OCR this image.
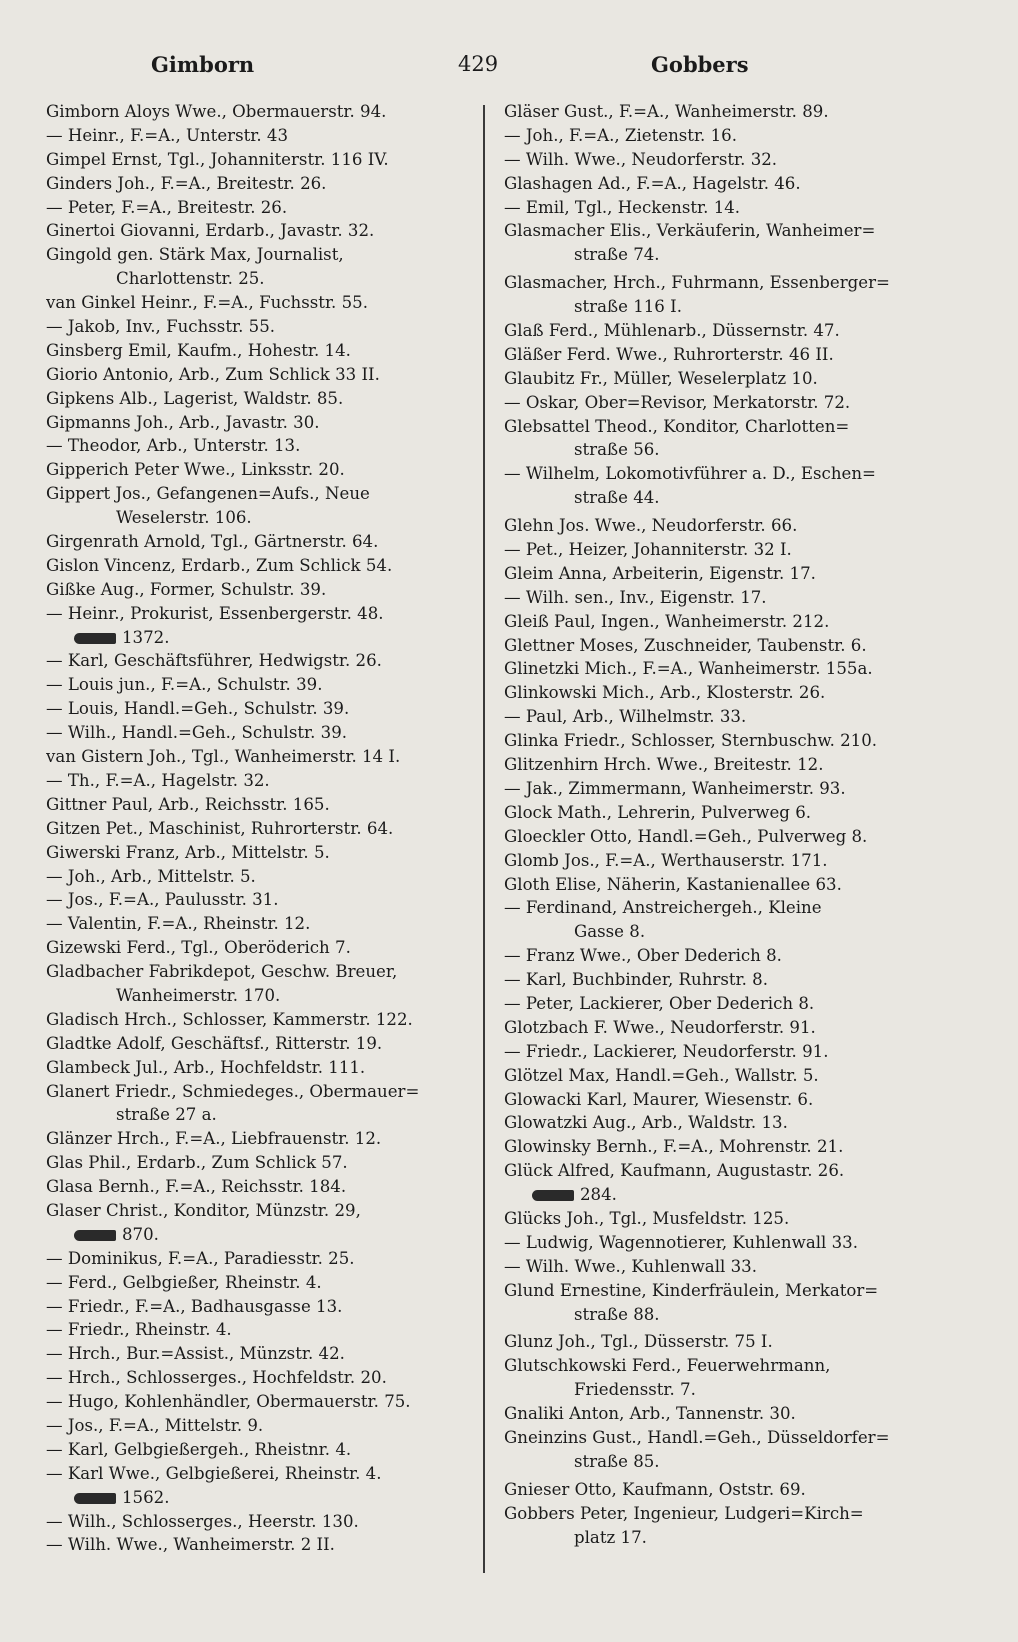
Gimborn	429	Gobbers
Gimborn Aloys Wwe., Obermauerstr. 94.
— Heinr., F.=A., Unterstr. 43
Gimpel Ernst, Tgl., Johanniterstr. 116 IV.
Ginders Joh., F.=A., Breitestr. 26.
— Peter, F.=A., Breitestr. 26.
Ginertoi Giovanni, Erdarb., Javastr. 32.
Gingold gen. Stärk Max, Journalist,
Charlottenstr. 25.
van Ginkel Heinr., F.=A., Fuchsstr. 55.
— Jakob, Inv., Fuchsstr. 55.
Ginsberg Emil, Kaufm., Hohestr. 14.
Giorio Antonio, Arb., Zum Schlick 33 II.
Gipkens Alb., Lagerist, Waldstr. 85.
Gipmanns Joh., Arb., Javastr. 30.
— Theodor, Arb., Unterstr. 13.
Gipperich Peter Wwe., Linksstr. 20.
Gippert Jos., Gefangenen=Aufs., Neue
Weselerstr. 106.
Girgenrath Arnold, Tgl., Gärtnerstr. 64.
Gislon Vincenz, Erdarb., Zum Schlick 54.
Gißke Aug., Former, Schulstr. 39.
— Heinr., Prokurist, Essenbergerstr. 48.
1372.
— Karl, Geschäftsführer, Hedwigstr. 26.
— Louis jun., F.=A., Schulstr. 39.
— Louis, Handl.=Geh., Schulstr. 39.
— Wilh., Handl.=Geh., Schulstr. 39.
van Gistern Joh., Tgl., Wanheimerstr. 14 I.
— Th., F.=A., Hagelstr. 32.
Gittner Paul, Arb., Reichsstr. 165.
Gitzen Pet., Maschinist, Ruhrorterstr. 64.
Giwerski Franz, Arb., Mittelstr. 5.
— Joh., Arb., Mittelstr. 5.
— Jos., F.=A., Paulusstr. 31.
— Valentin, F.=A., Rheinstr. 12.
Gizewski Ferd., Tgl., Oberöderich 7.
Gladbacher Fabrikdepot, Geschw. Breuer,
Wanheimerstr. 170.
Gladisch Hrch., Schlosser, Kammerstr. 122.
Gladtke Adolf, Geschäftsf., Ritterstr. 19.
Glambeck Jul., Arb., Hochfeldstr. 111.
Glanert Friedr., Schmiedeges., Obermauer=
straße 27 a.
Glänzer Hrch., F.=A., Liebfrauenstr. 12.
Glas Phil., Erdarb., Zum Schlick 57.
Glasa Bernh., F.=A., Reichsstr. 184.
Glaser Christ., Konditor, Münzstr. 29,
870.
— Dominikus, F.=A., Paradiesstr. 25.
— Ferd., Gelbgießer, Rheinstr. 4.
— Friedr., F.=A., Badhausgasse 13.
— Friedr., Rheinstr. 4.
— Hrch., Bur.=Assist., Münzstr. 42.
— Hrch., Schlosserges., Hochfeldstr. 20.
— Hugo, Kohlenhändler, Obermauerstr. 75.
— Jos., F.=A., Mittelstr. 9.
— Karl, Gelbgießergeh., Rheistnr. 4.
— Karl Wwe., Gelbgießerei, Rheinstr. 4.
1562.
— Wilh., Schlosserges., Heerstr. 130.
— Wilh. Wwe., Wanheimerstr. 2 II.
Gläser Gust., F.=A., Wanheimerstr. 89.
— Joh., F.=A., Zietenstr. 16.
— Wilh. Wwe., Neudorferstr. 32.
Glashagen Ad., F.=A., Hagelstr. 46.
— Emil, Tgl., Heckenstr. 14.
Glasmacher Elis., Verkäuferin, Wanheimer=
straße 74.
Glasmacher, Hrch., Fuhrmann, Essenberger=
straße 116 I.
Glaß Ferd., Mühlenarb., Düssernstr. 47.
Gläßer Ferd. Wwe., Ruhrorterstr. 46 II.
Glaubitz Fr., Müller, Weselerplatz 10.
— Oskar, Ober=Revisor, Merkatorstr. 72.
Glebsattel Theod., Konditor, Charlotten=
straße 56.
— Wilhelm, Lokomotivführer a. D., Eschen=
straße 44.
Glehn Jos. Wwe., Neudorferstr. 66.
— Pet., Heizer, Johanniterstr. 32 I.
Gleim Anna, Arbeiterin, Eigenstr. 17.
— Wilh. sen., Inv., Eigenstr. 17.
Gleiß Paul, Ingen., Wanheimerstr. 212.
Glettner Moses, Zuschneider, Taubenstr. 6.
Glinetzki Mich., F.=A., Wanheimerstr. 155a.
Glinkowski Mich., Arb., Klosterstr. 26.
— Paul, Arb., Wilhelmstr. 33.
Glinka Friedr., Schlosser, Sternbuschw. 210.
Glitzenhirn Hrch. Wwe., Breitestr. 12.
— Jak., Zimmermann, Wanheimerstr. 93.
Glock Math., Lehrerin, Pulverweg 6.
Gloeckler Otto, Handl.=Geh., Pulverweg 8.
Glomb Jos., F.=A., Werthauserstr. 171.
Gloth Elise, Näherin, Kastanienallee 63.
— Ferdinand, Anstreichergeh., Kleine
Gasse 8.
— Franz Wwe., Ober Dederich 8.
— Karl, Buchbinder, Ruhrstr. 8.
— Peter, Lackierer, Ober Dederich 8.
Glotzbach F. Wwe., Neudorferstr. 91.
— Friedr., Lackierer, Neudorferstr. 91.
Glötzel Max, Handl.=Geh., Wallstr. 5.
Glowacki Karl, Maurer, Wiesenstr. 6.
Glowatzki Aug., Arb., Waldstr. 13.
Glowinsky Bernh., F.=A., Mohrenstr. 21.
Glück Alfred, Kaufmann, Augustastr. 26.
284.
Glücks Joh., Tgl., Musfeldstr. 125.
— Ludwig, Wagennotierer, Kuhlenwall 33.
— Wilh. Wwe., Kuhlenwall 33.
Glund Ernestine, Kinderfräulein, Merkator=
straße 88.
Glunz Joh., Tgl., Düsserstr. 75 I.
Glutschkowski Ferd., Feuerwehrmann,
Friedensstr. 7.
Gnaliki Anton, Arb., Tannenstr. 30.
Gneinzins Gust., Handl.=Geh., Düsseldorfer=
straße 85.
Gnieser Otto, Kaufmann, Oststr. 69.
Gobbers Peter, Ingenieur, Ludgeri=Kirch=
platz 17.
